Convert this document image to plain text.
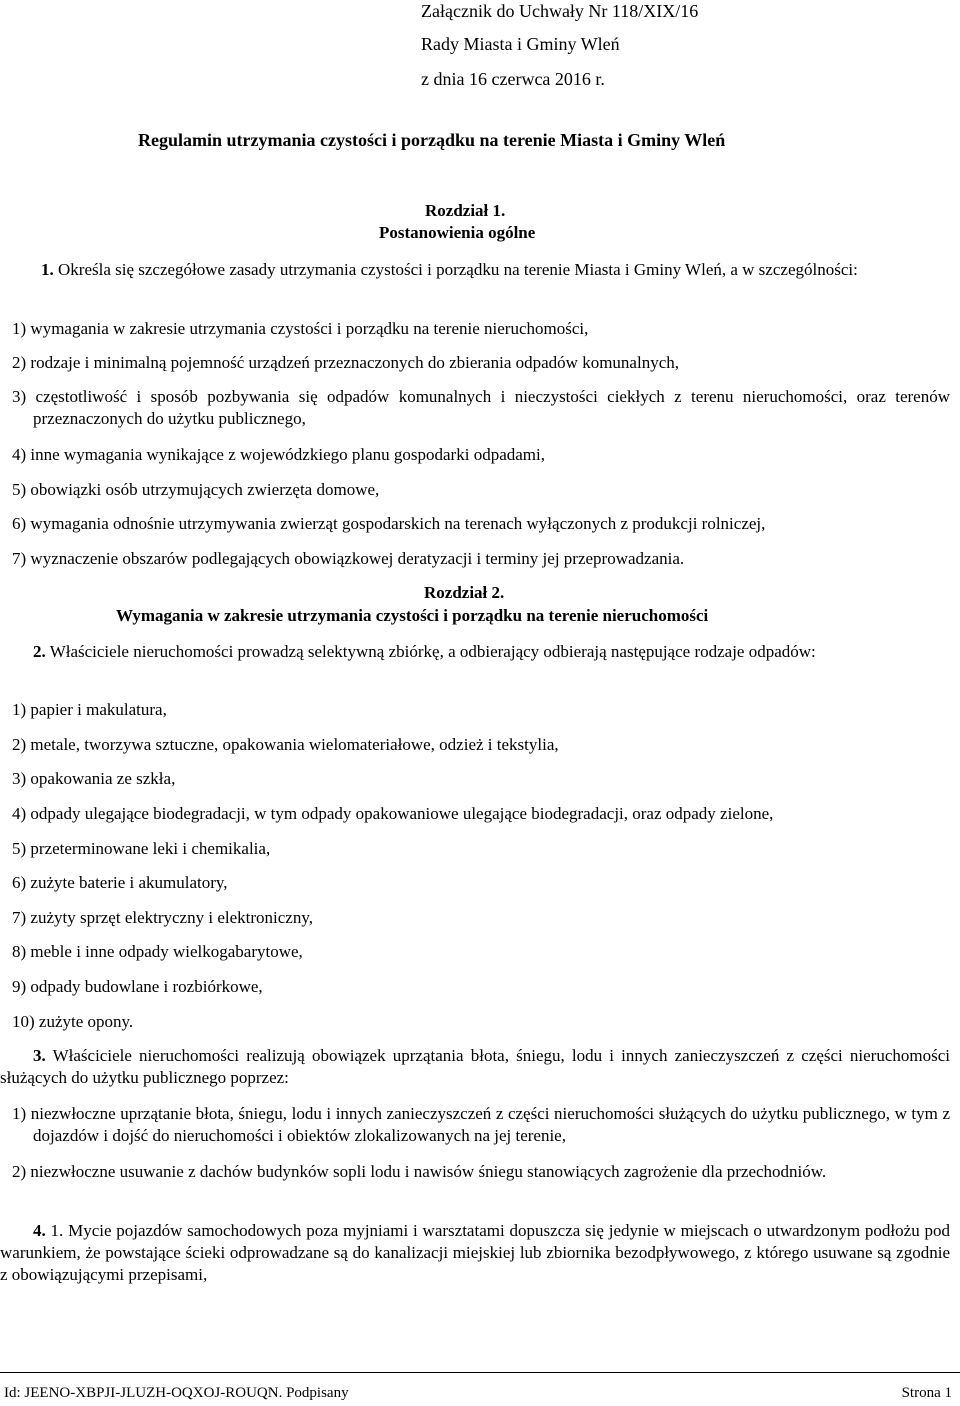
Załącznik do Uchwały Nr 118/XIX/16
Rady Miasta i Gminy Wleń
z dnia 16 czerwca 2016 r.
Regulamin utrzymania czystości i porządku na terenie Miasta i Gminy Wleń
Rozdział 1.
Postanowienia ogólne
1. Określa się szczegółowe zasady utrzymania czystości i porządku na terenie Miasta i Gminy Wleń, a w szczególności:
1) wymagania w zakresie utrzymania czystości i porządku na terenie nieruchomości,
2) rodzaje i minimalną pojemność urządzeń przeznaczonych do zbierania odpadów komunalnych,
3) częstotliwość i sposób pozbywania się odpadów komunalnych i nieczystości ciekłych z terenu nieruchomości, oraz terenów przeznaczonych do użytku publicznego,
4) inne wymagania wynikające z wojewódzkiego planu gospodarki odpadami,
5) obowiązki osób utrzymujących zwierzęta domowe,
6) wymagania odnośnie utrzymywania zwierząt gospodarskich na terenach wyłączonych z produkcji rolniczej,
7) wyznaczenie obszarów podlegających obowiązkowej deratyzacji i terminy jej przeprowadzania.
Rozdział 2.
Wymagania w zakresie utrzymania czystości i porządku na terenie nieruchomości
2. Właściciele nieruchomości prowadzą selektywną zbiórkę, a odbierający odbierają następujące rodzaje odpadów:
1) papier i makulatura,
2) metale, tworzywa sztuczne, opakowania wielomateriałowe, odzież i tekstylia,
3) opakowania ze szkła,
4) odpady ulegające biodegradacji, w tym odpady opakowaniowe ulegające biodegradacji, oraz odpady zielone,
5) przeterminowane leki i chemikalia,
6) zużyte baterie i akumulatory,
7) zużyty sprzęt elektryczny i elektroniczny,
8) meble i inne odpady wielkogabarytowe,
9) odpady budowlane i rozbiórkowe,
10) zużyte opony.
3. Właściciele nieruchomości realizują obowiązek uprzątania błota, śniegu, lodu i innych zanieczyszczeń z części nieruchomości służących do użytku publicznego poprzez:
1) niezwłoczne uprzątanie błota, śniegu, lodu i innych zanieczyszczeń z części nieruchomości służących do użytku publicznego, w tym z dojazdów i dojść do nieruchomości i obiektów zlokalizowanych na jej terenie,
2) niezwłoczne usuwanie z dachów budynków sopli lodu i nawisów śniegu stanowiących zagrożenie dla przechodniów.
4. 1. Mycie pojazdów samochodowych poza myjniami i warsztatami dopuszcza się jedynie w miejscach o utwardzonym podłożu pod warunkiem, że powstające ścieki odprowadzane są do kanalizacji miejskiej lub zbiornika bezodpływowego, z którego usuwane są zgodnie z obowiązującymi przepisami,
Id: JEENO-XBPJI-JLUZH-OQXOJ-ROUQN. Podpisany	Strona 1
